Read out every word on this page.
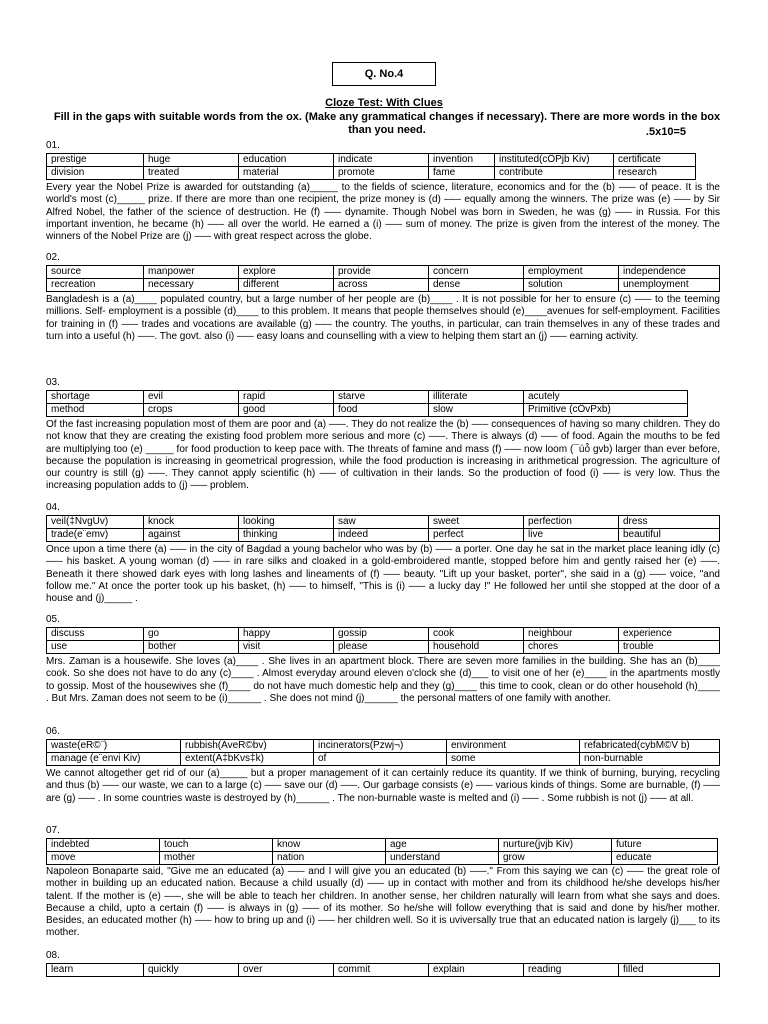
Q. No.4
Cloze Test: With Clues
Fill in the gaps with suitable words from the ox. (Make any grammatical changes if necessary). There are more words in the box than you need.	.5x10=5
01.
prestige	huge	education	indicate	invention	instituted(cÖPjb Kiv)	certificate
division	treated	material	promote	fame	contribute	research
Every year the Nobel Prize is awarded for outstanding (a)_____ to the fields of science, literature, economics and for the (b) ––– of peace. It is the world's most (c)_____ prize. If there are more than one recipient, the prize money is (d) ––– equally among the winners. The prize was (e) ––– by Sir Alfred Nobel, the father of the science of destruction. He (f) ––– dynamite. Though Nobel was born in Sweden, he was (g) ––– in Russia. For this important invention, he became (h) ––– all over the world. He earned a (i) ––– sum of money. The prize is given from the interest of the money. The winners of the Nobel Prize are (j) ––– with great respect across the globe.
02.
source	manpower	explore	provide	concern	employment	independence
recreation	necessary	different	across	dense	solution	unemployment
Bangladesh is a (a)____ populated country, but a large number of her people are (b)____ . It is not possible for her to ensure (c) ––– to the teeming millions. Self- employment is a possible (d)____ to this problem. It means that people themselves should (e)____avenues for self-employment. Facilities for training in (f) ––– trades and vocations are available (g) ––– the country. The youths, in particular, can train themselves in any of these trades and turn into a useful (h) –––. The govt. also (i) ––– easy loans and counselling with a view to helping them start an (j) ––– earning activity.
03.
shortage	evil	rapid	starve	illiterate	acutely
method	crops	good	food	slow	Primitive (cÖvPxb)
Of the fast increasing population most of them are poor and (a) –––. They do not realize the (b) ––– consequences of having so many children. They do not know that they are creating the existing food problem more serious and more (c) –––. There is always (d) ––– of food. Again the mouths to be fed are multiplying too (e) _____ for food production to keep pace with. The threats of famine and mass (f) ––– now loom (¯úó̂ gvb) larger than ever before, because the population is increasing in geometrical progression, while the food production is increasing in arithmetical progression. The agriculture of our country is still (g) –––. They cannot apply scientific (h) ––– of cultivation in their lands. So the production of food (i) ––– is very low. Thus the increasing population adds to (j) ––– problem.
04.
veil(‡NvgUv)	knock	looking	saw	sweet	perfection	dress
trade(e¨emv)	against	thinking	indeed	perfect	live	beautiful
Once upon a time there (a) ––– in the city of Bagdad a young bachelor who was by (b) ––– a porter. One day he sat in the market place leaning idly (c) ––– his basket. A young woman (d) ––– in rare silks and cloaked in a gold-embroidered mantle, stopped before him and gently raised her (e) –––. Beneath it there showed dark eyes with long lashes and lineaments of (f) ––– beauty. "Lift up your basket, porter", she said in a (g) ––– voice, "and follow me." At once the porter took up his basket, (h) ––– to himself, "This is (i) ––– a lucky day !" He followed her until she stopped at the door of a house and (j)_____ .
05.
discuss	go	happy	gossip	cook	neighbour	experience
use	bother	visit	please	household	chores	trouble
Mrs. Zaman is a housewife. She loves (a)____ . She lives in an apartment block. There are seven more families in the building. She has an (b)____ cook. So she does not have to do any (c)____ . Almost everyday around eleven o'clock she (d)___ to visit one of her (e)____ in the apartments mostly to gossip. Most of the housewives she (f)____ do not have much domestic help and they (g)____ this time to cook, clean or do other household (h)____ . But Mrs. Zaman does not seem to be (i)______ . She does not mind (j)______ the personal matters of one family with another.
06.
waste(eR©¨)	rubbish(AveR©bv)	incinerators(Pzwj¬)	environment	refabricated(cybM©V b)
manage (e¨envi Kiv)	extent(A‡bKvs‡k)	of	some	non-burnable
We cannot altogether get rid of our (a)_____ but a proper management of it can certainly reduce its quantity. If we think of burning, burying, recycling and thus (b) ––– our waste, we can to a large (c) ––– save our (d) –––. Our garbage consists (e) ––– various kinds of things. Some are burnable, (f) ––– are (g) ––– . In some countries waste is destroyed by (h)______ . The non-burnable waste is melted and (i) ––– . Some rubbish is not (j) ––– at all.
07.
indebted	touch	know	age	nurture(jvjb Kiv)	future
move	mother	nation	understand	grow	educate
Napoleon Bonaparte said, "Give me an educated (a) ––– and I will give you an educated (b) –––." From this saying we can (c) ––– the great role of mother in building up an educated nation. Because a child usually (d) ––– up in contact with mother and from its childhood he/she develops his/her talent. If the mother is (e) –––, she will be able to teach her children. In another sense, her children naturally will learn from what she says and does. Because a child, upto a certain (f) ––– is always in (g) ––– of its mother. So he/she will follow everything that is said and done by his/her mother. Besides, an educated mother (h) ––– how to bring up and (i) ––– her children well. So it is uviversally true that an educated nation is largely (j)___ to its mother.
08.
learn	quickly	over	commit	explain	reading	filled
